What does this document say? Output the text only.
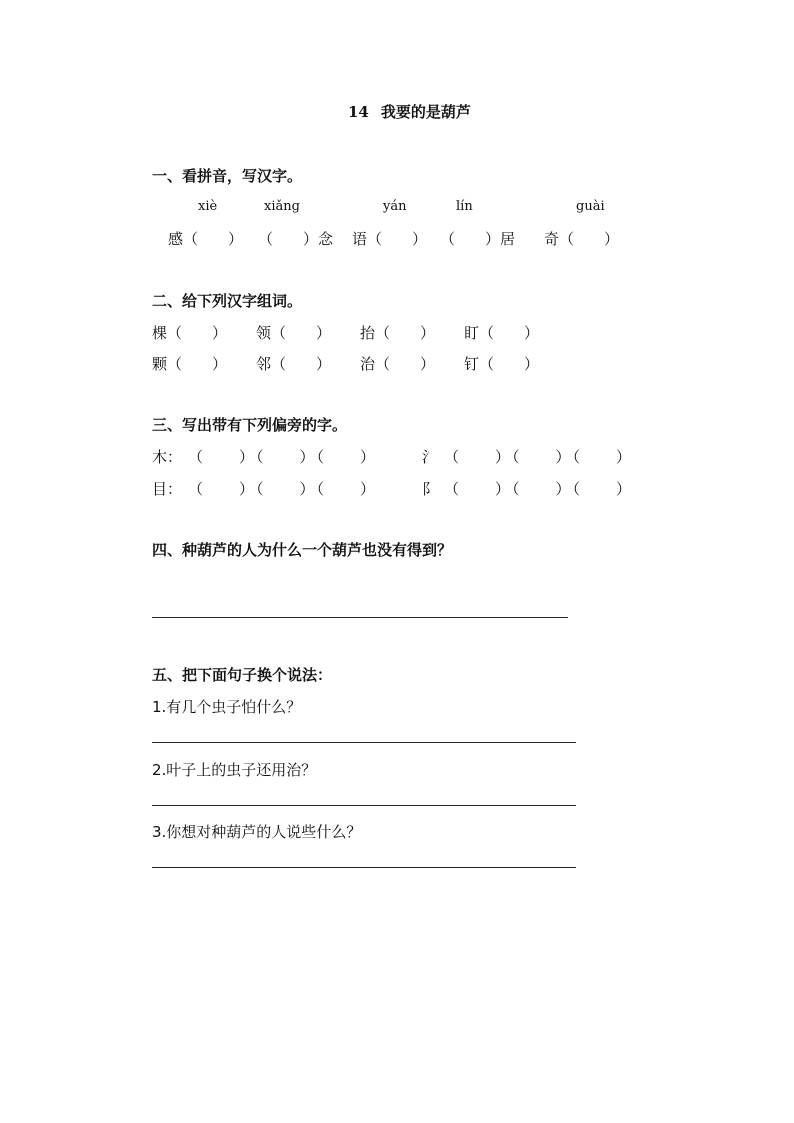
14 我要的是葫芦
一、看拼音，写汉字。
xiè	xiǎng	yán	lín	guài
感（　　） （　　）念 语（　　） （　　）居 奇（　　）
二、给下列汉字组词。
棵（　　） 领（　　） 抬（　　） 盯（　　）
颗（　　） 邻（　　） 治（　　） 钉（　　）
三、写出带有下列偏旁的字。
木： （　　）（　　）（　　）	氵 （　　）（　　）（　　）
目： （　　）（　　）（　　）	阝 （　　）（　　）（　　）
四、种葫芦的人为什么一个葫芦也没有得到？
五、把下面句子换个说法：
1.有几个虫子怕什么？
2.叶子上的虫子还用治？
3.你想对种葫芦的人说些什么？
